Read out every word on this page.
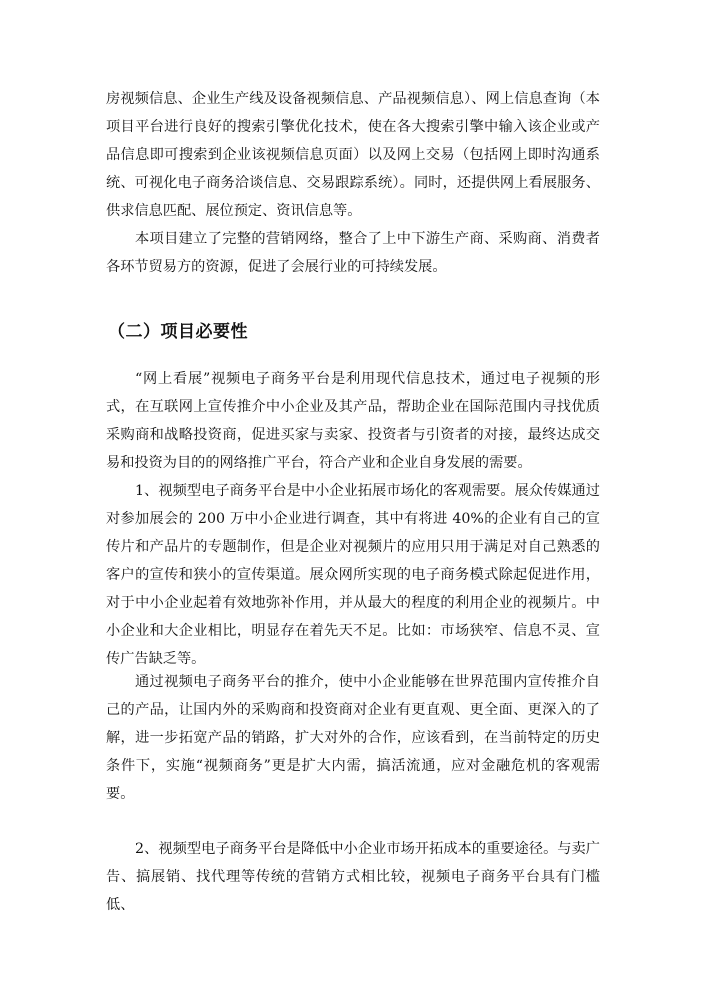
房视频信息、企业生产线及设备视频信息、产品视频信息）、网上信息查询（本项目平台进行良好的搜索引擎优化技术，使在各大搜索引擎中输入该企业或产品信息即可搜索到企业该视频信息页面）以及网上交易（包括网上即时沟通系统、可视化电子商务洽谈信息、交易跟踪系统）。同时，还提供网上看展服务、供求信息匹配、展位预定、资讯信息等。

本项目建立了完整的营销网络，整合了上中下游生产商、采购商、消费者各环节贸易方的资源，促进了会展行业的可持续发展。

（二）项目必要性

“网上看展”视频电子商务平台是利用现代信息技术，通过电子视频的形式，在互联网上宣传推介中小企业及其产品，帮助企业在国际范围内寻找优质采购商和战略投资商，促进买家与卖家、投资者与引资者的对接，最终达成交易和投资为目的的网络推广平台，符合产业和企业自身发展的需要。

1、视频型电子商务平台是中小企业拓展市场化的客观需要。展众传媒通过对参加展会的 200 万中小企业进行调查，其中有将进 40%的企业有自己的宣传片和产品片的专题制作，但是企业对视频片的应用只用于满足对自己熟悉的客户的宣传和狭小的宣传渠道。展众网所实现的电子商务模式除起促进作用，对于中小企业起着有效地弥补作用，并从最大的程度的利用企业的视频片。中小企业和大企业相比，明显存在着先天不足。比如：市场狭窄、信息不灵、宣传广告缺乏等。

通过视频电子商务平台的推介，使中小企业能够在世界范围内宣传推介自己的产品，让国内外的采购商和投资商对企业有更直观、更全面、更深入的了解，进一步拓宽产品的销路，扩大对外的合作，应该看到，在当前特定的历史条件下，实施“视频商务”更是扩大内需，搞活流通，应对金融危机的客观需要。

2、视频型电子商务平台是降低中小企业市场开拓成本的重要途径。与卖广告、搞展销、找代理等传统的营销方式相比较，视频电子商务平台具有门槛低、
